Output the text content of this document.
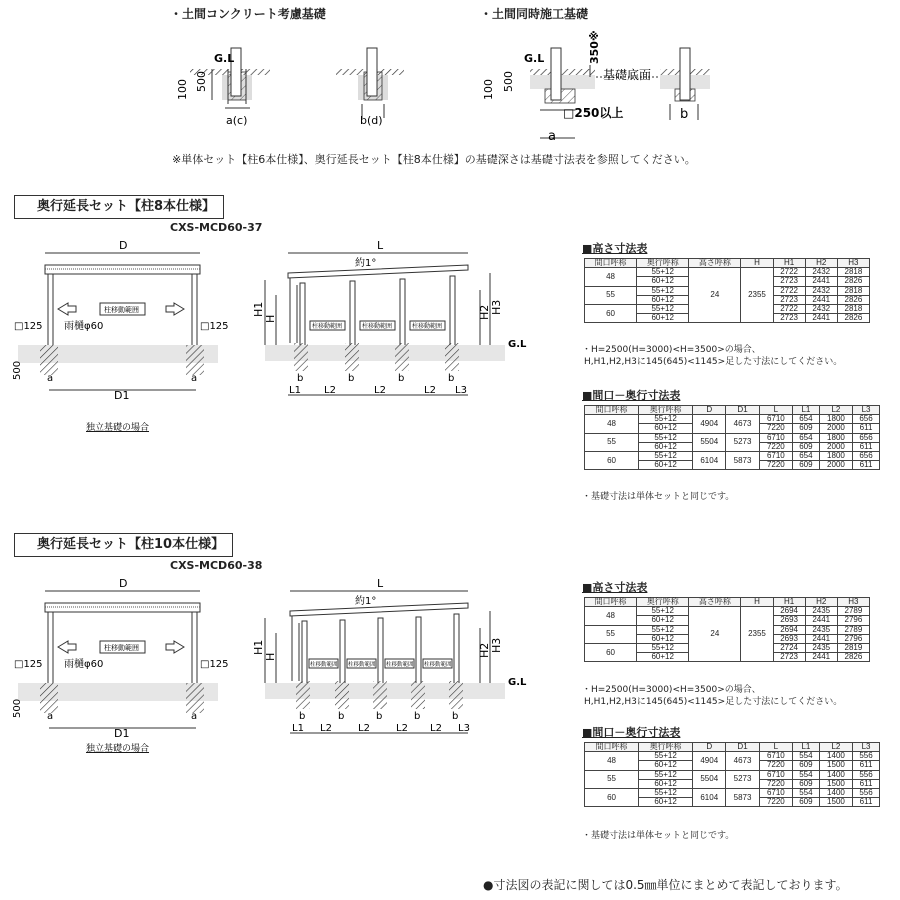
・土間コンクリート考慮基礎	・土間同時施工基礎
G.L
100 500
a(c)	b(d)
G.L
100 500
350※
基礎底面
□250以上
a
b
※単体セット【柱6本仕様】、奥行延長セット【柱8本仕様】の基礎深さは基礎寸法表を参照してください。
奥行延長セット【柱8本仕様】
CXS-MCD60-37
D
柱移動範囲
□125	□125
雨樋φ60
500 a	a
D1
独立基礎の場合
L
約1°
柱移動範囲	柱移動範囲	柱移動範囲
H1
H	H2 H3
G.L
b	b	b	b
L1 L2	L2	L2 L3
■高さ寸法表
間口呼称	奥行呼称	高さ呼称	H	H1	H2	H3
48	55+12	24	2355	2722	2432	2818
	60+12			2723	2441	2826
55	55+12			2722	2432	2818
	60+12			2723	2441	2826
60	55+12			2722	2432	2818
	60+12			2723	2441	2826
・H=2500(H=3000)<H=3500>の場合、
H,H1,H2,H3に145(645)<1145>足した寸法にしてください。
■間口－奥行寸法表
間口呼称	奥行呼称	D	D1	L	L1	L2	L3
48	55+12	4904	4673	6710	654	1800	656
	60+12			7220	609	2000	611
55	55+12	5504	5273	6710	654	1800	656
	60+12			7220	609	2000	611
60	55+12	6104	5873	6710	654	1800	656
	60+12			7220	609	2000	611
・基礎寸法は単体セットと同じです。
奥行延長セット【柱10本仕様】
CXS-MCD60-38
D
柱移動範囲
□125	□125
雨樋φ60
500 a	a
D1
独立基礎の場合
L
約1°
柱移動範囲 柱移動範囲 柱移動範囲 柱移動範囲
H1
H	H2 H3
G.L
b	b	b	b	b
L1 L2	L2	L2 L2 L3
■高さ寸法表
間口呼称	奥行呼称	高さ呼称	H	H1	H2	H3
48	55+12	24	2355	2694	2435	2789
	60+12			2693	2441	2796
55	55+12			2694	2435	2789
	60+12			2693	2441	2796
60	55+12			2724	2435	2819
	60+12			2723	2441	2826
・H=2500(H=3000)<H=3500>の場合、
H,H1,H2,H3に145(645)<1145>足した寸法にしてください。
■間口－奥行寸法表
間口呼称	奥行呼称	D	D1	L	L1	L2	L3
48	55+12	4904	4673	6710	554	1400	556
	60+12			7220	609	1500	611
55	55+12	5504	5273	6710	554	1400	556
	60+12			7220	609	1500	611
60	55+12	6104	5873	6710	554	1400	556
	60+12			7220	609	1500	611
・基礎寸法は単体セットと同じです。
●寸法図の表記に関しては0.5㎜単位にまとめて表記しております。
